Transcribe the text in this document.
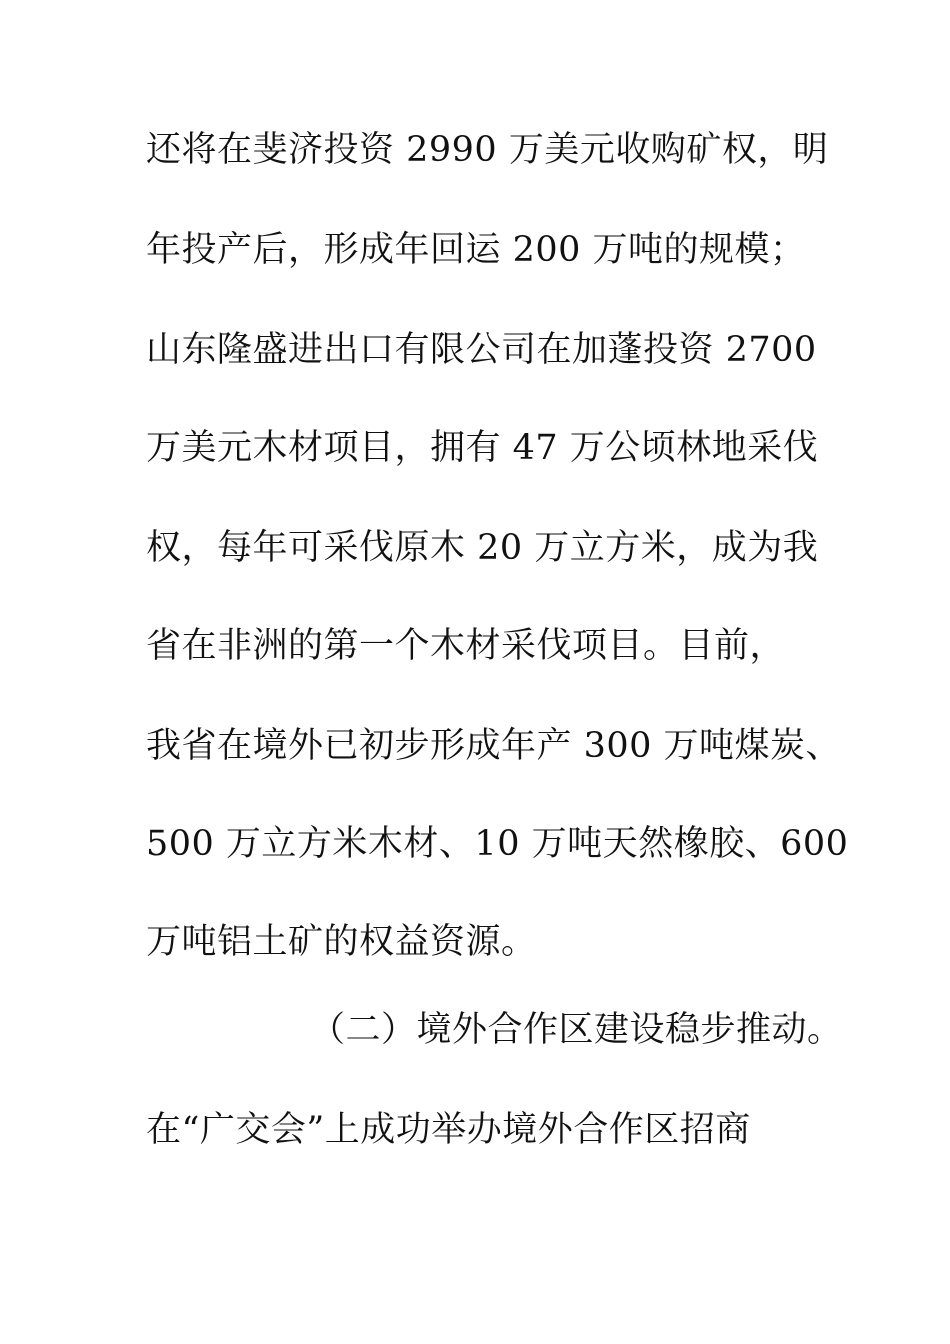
还将在斐济投资 2990 万美元收购矿权，明
年投产后，形成年回运 200 万吨的规模；
山东隆盛进出口有限公司在加蓬投资 2700
万美元木材项目，拥有 47 万公顷林地采伐
权，每年可采伐原木 20 万立方米，成为我
省在非洲的第一个木材采伐项目。目前，
我省在境外已初步形成年产 300 万吨煤炭、
500 万立方米木材、10 万吨天然橡胶、600
万吨铝土矿的权益资源。
（二）境外合作区建设稳步推动。
在“广交会”上成功举办境外合作区招商
